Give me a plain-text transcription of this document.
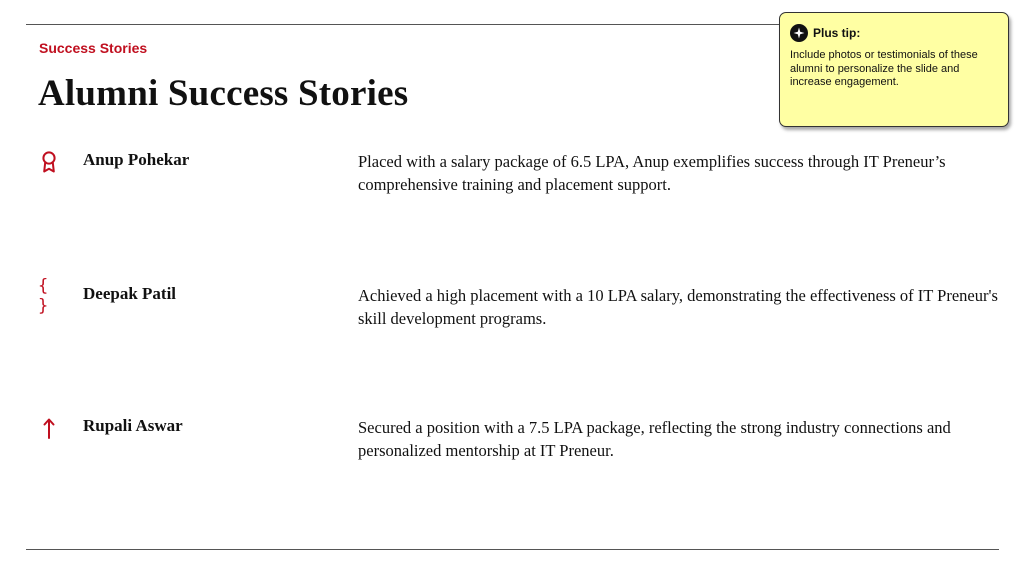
Success Stories
Alumni Success Stories
Anup Pohekar	Placed with a salary package of 6.5 LPA, Anup exemplifies success through IT Preneur’s comprehensive training and placement support.
{ }
Deepak Patil	Achieved a high placement with a 10 LPA salary, demonstrating the effectiveness of IT Preneur's skill development programs.
Rupali Aswar	Secured a position with a 7.5 LPA package, reflecting the strong industry connections and personalized mentorship at IT Preneur.
Plus tip:
Include photos or testimonials of these alumni to personalize the slide and increase engagement.
